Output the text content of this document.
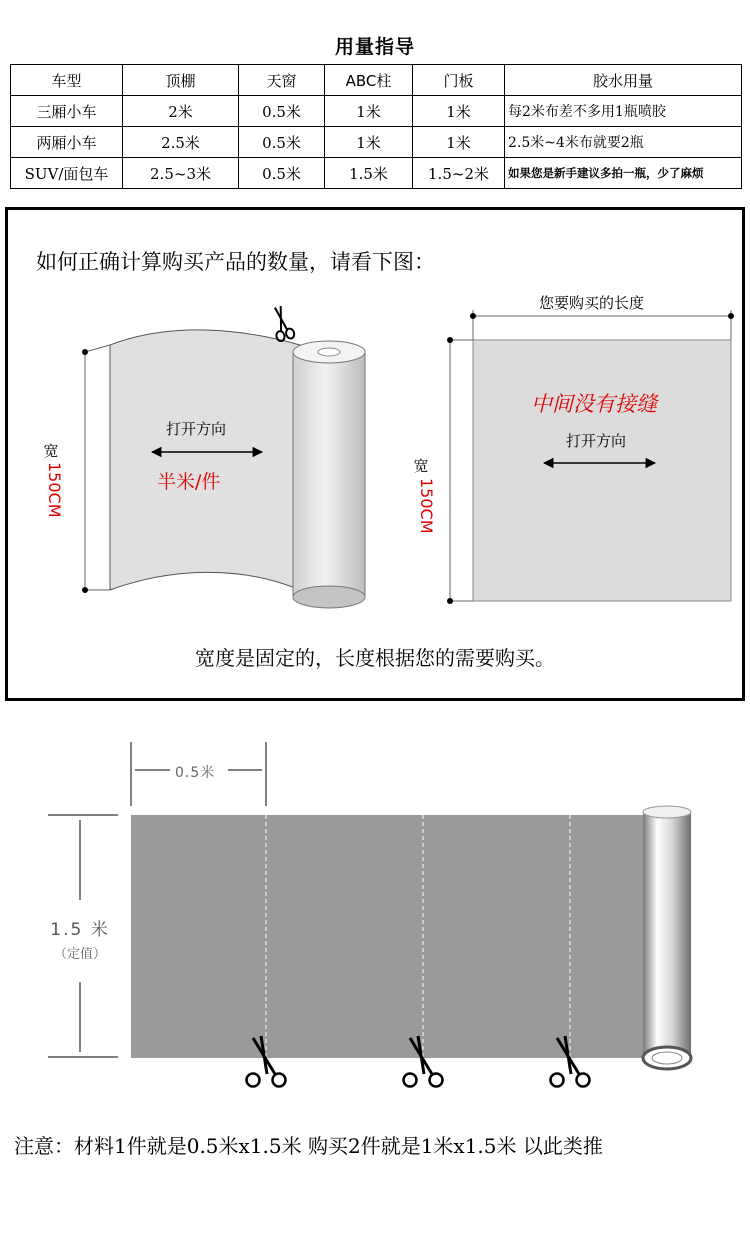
用量指导
车型	顶棚	天窗	ABC柱	门板	胶水用量
三厢小车	2米	0.5米	1米	1米	每2米布差不多用1瓶喷胶
两厢小车	2.5米	0.5米	1米	1米	2.5米~4米布就要2瓶
SUV/面包车	2.5~3米	0.5米	1.5米	1.5~2米	如果您是新手建议多拍一瓶，少了麻烦
如何正确计算购买产品的数量，请看下图：
打开方向
半米/件
宽
150CM
您要购买的长度
中间没有接缝
打开方向
宽
150CM
宽度是固定的，长度根据您的需要购买。
0.5米
1.5 米
（定值）
注意：材料1件就是0.5米x1.5米 购买2件就是1米x1.5米 以此类推
